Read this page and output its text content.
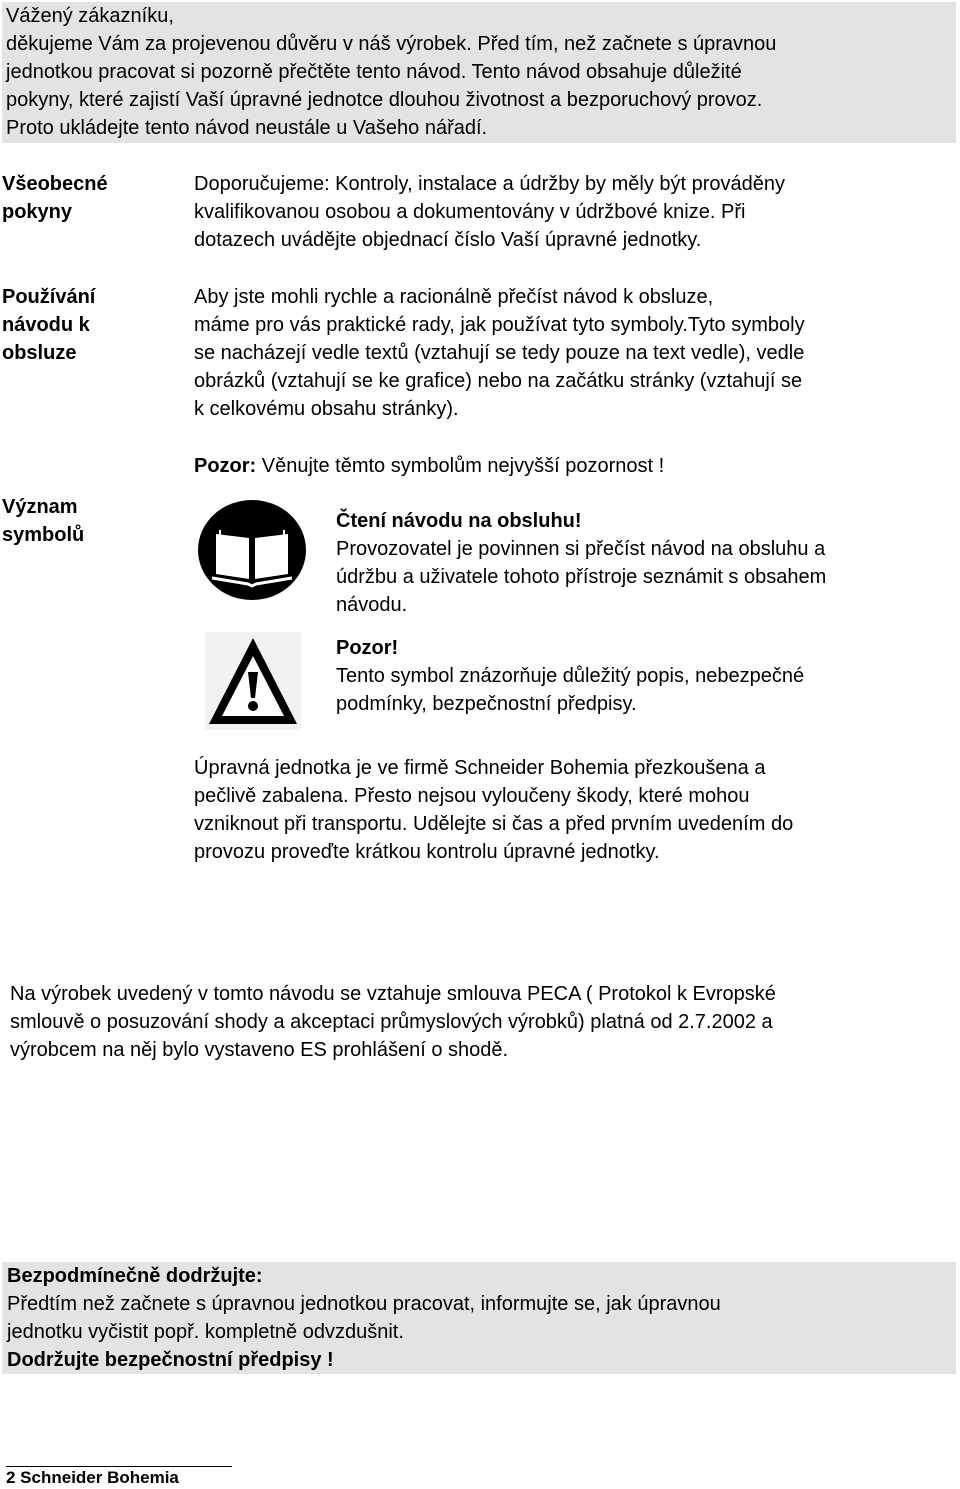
Vážený zákazníku,

děkujeme Vám za projevenou důvěru v náš výrobek. Před tím, než začnete s úpravnou

jednotkou pracovat si pozorně přečtěte tento návod. Tento návod obsahuje důležité

pokyny, které zajistí Vaší úpravné jednotce dlouhou životnost a bezporuchový provoz.

Proto ukládejte tento návod neustále u Vašeho nářadí.

Všeobecné
pokyny

Doporučujeme: Kontroly, instalace a údržby by měly být prováděny

kvalifikovanou osobou a dokumentovány v údržbové knize. Při

dotazech uvádějte objednací číslo Vaší úpravné jednotky.

Používání
návodu k
obsluze

Aby jste mohli rychle a racionálně přečíst návod k obsluze,

máme pro vás praktické rady, jak používat tyto symboly.Tyto symboly

se nacházejí vedle textů (vztahují se tedy pouze na text vedle), vedle

obrázků (vztahují se ke grafice) nebo na začátku stránky (vztahují se

k celkovému obsahu stránky).

Pozor: Věnujte těmto symbolům nejvyšší pozornost !

Význam
symbolů

Čtení návodu na obsluhu!

Provozovatel je povinnen si přečíst návod na obsluhu a

údržbu a uživatele tohoto přístroje seznámit s obsahem

návodu.

Pozor!

Tento symbol znázorňuje důležitý popis, nebezpečné

podmínky, bezpečnostní předpisy.

Úpravná jednotka je ve firmě Schneider Bohemia přezkoušena a

pečlivě zabalena. Přesto nejsou vyloučeny škody, které mohou

vzniknout při transportu. Udělejte si čas a před prvním uvedením do

provozu proveďte krátkou kontrolu úpravné jednotky.

Na výrobek uvedený v tomto návodu se vztahuje smlouva PECA ( Protokol k Evropské

smlouvě o posuzování shody a akceptaci průmyslových výrobků) platná od 2.7.2002 a

výrobcem na něj bylo vystaveno ES prohlášení o shodě.

Bezpodmínečně dodržujte:

Předtím než začnete s úpravnou jednotkou pracovat, informujte se, jak úpravnou

jednotku vyčistit popř. kompletně odvzdušnit.

Dodržujte bezpečnostní předpisy !

2 Schneider Bohemia
